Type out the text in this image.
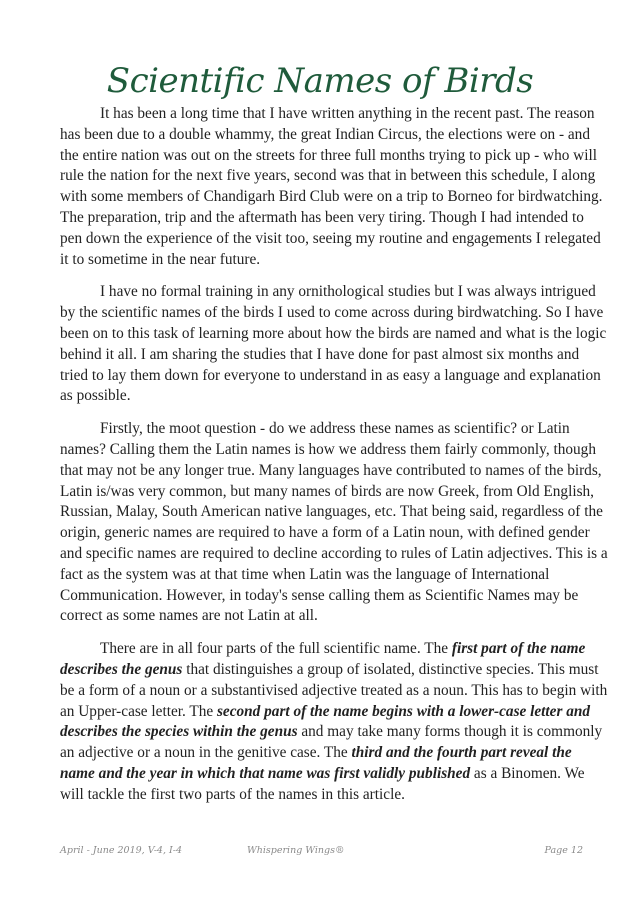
Scientific Names of Birds

It has been a long time that I have written anything in the recent past. The reason has been due to a double whammy, the great Indian Circus, the elections were on - and the entire nation was out on the streets for three full months trying to pick up - who will rule the nation for the next five years, second was that in between this schedule, I along with some members of Chandigarh Bird Club were on a trip to Borneo for birdwatching. The preparation, trip and the aftermath has been very tiring. Though I had intended to pen down the experience of the visit too, seeing my routine and engagements I relegated it to sometime in the near future.

I have no formal training in any ornithological studies but I was always intrigued by the scientific names of the birds I used to come across during birdwatching. So I have been on to this task of learning more about how the birds are named and what is the logic behind it all. I am sharing the studies that I have done for past almost six months and tried to lay them down for everyone to understand in as easy a language and explanation as possible.

Firstly, the moot question - do we address these names as scientific? or Latin names? Calling them the Latin names is how we address them fairly commonly, though that may not be any longer true. Many languages have contributed to names of the birds, Latin is/was very common, but many names of birds are now Greek, from Old English, Russian, Malay, South American native languages, etc. That being said, regardless of the origin, generic names are required to have a form of a Latin noun, with defined gender and specific names are required to decline according to rules of Latin adjectives. This is a fact as the system was at that time when Latin was the language of International Communication. However, in today's sense calling them as Scientific Names may be correct as some names are not Latin at all.

There are in all four parts of the full scientific name. The first part of the name describes the genus that distinguishes a group of isolated, distinctive species. This must be a form of a noun or a substantivised adjective treated as a noun. This has to begin with an Upper-case letter. The second part of the name begins with a lower-case letter and describes the species within the genus and may take many forms though it is commonly an adjective or a noun in the genitive case. The third and the fourth part reveal the name and the year in which that name was first validly published as a Binomen. We will tackle the first two parts of the names in this article.

April - June 2019, V-4, I-4	Whispering Wings®	Page 12
